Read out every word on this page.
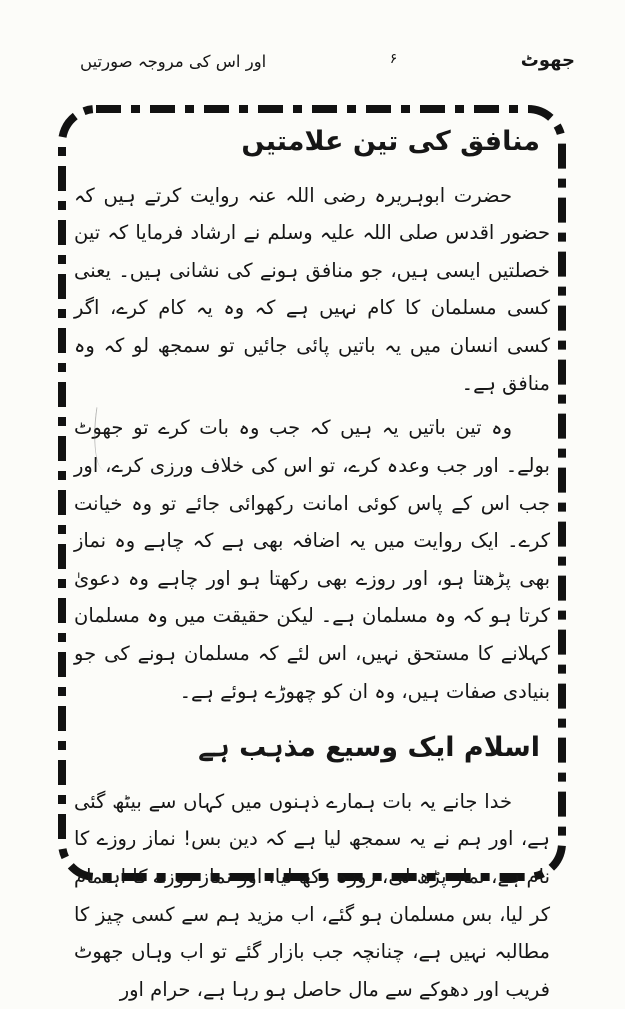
جھوٹ
۶
اور اس کی مروجہ صورتیں
منافق کی تین علامتیں

حضرت ابوہریرہ رضی اللہ عنہ روایت کرتے ہیں کہ حضور اقدس صلی اللہ علیہ وسلم نے ارشاد فرمایا کہ تین خصلتیں ایسی ہیں، جو منافق ہونے کی نشانی ہیں۔ یعنی کسی مسلمان کا کام نہیں ہے کہ وہ یہ کام کرے، اگر کسی انسان میں یہ باتیں پائی جائیں تو سمجھ لو کہ وہ منافق ہے۔

وہ تین باتیں یہ ہیں کہ جب وہ بات کرے تو جھوٹ بولے۔ اور جب وعدہ کرے، تو اس کی خلاف ورزی کرے، اور جب اس کے پاس کوئی امانت رکھوائی جائے تو وہ خیانت کرے۔ ایک روایت میں یہ اضافہ بھی ہے کہ چاہے وہ نماز بھی پڑھتا ہو، اور روزے بھی رکھتا ہو اور چاہے وہ دعویٰ کرتا ہو کہ وہ مسلمان ہے۔ لیکن حقیقت میں وہ مسلمان کہلانے کا مستحق نہیں، اس لئے کہ مسلمان ہونے کی جو بنیادی صفات ہیں، وہ ان کو چھوڑے ہوئے ہے۔

اسلام ایک وسیع مذہب ہے

خدا جانے یہ بات ہمارے ذہنوں میں کہاں سے بیٹھ گئی ہے، اور ہم نے یہ سمجھ لیا ہے کہ دین بس! نماز روزے کا نام ہے، نماز پڑھ لی، روزہ رکھ لیا، اور نماز روزے کا اہتمام کر لیا، بس مسلمان ہو گئے، اب مزید ہم سے کسی چیز کا مطالبہ نہیں ہے، چنانچہ جب بازار گئے تو اب وہاں جھوٹ فریب اور دھوکے سے مال حاصل ہو رہا ہے، حرام اور
